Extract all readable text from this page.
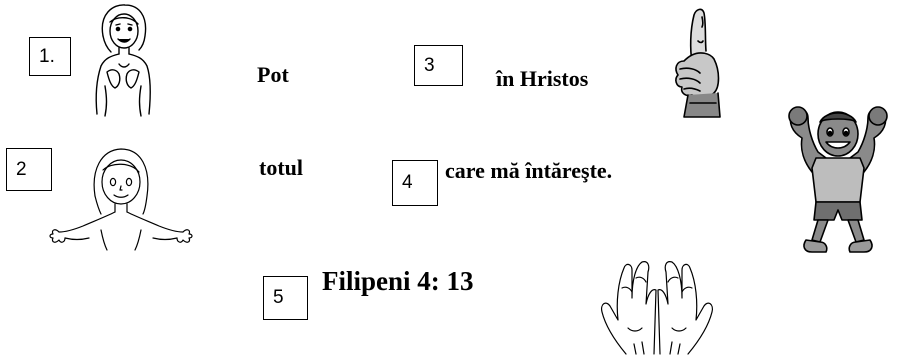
1.
2
3
4
5
Pot	în Hristos
totul	care mă întăreşte.
Filipeni 4: 13
